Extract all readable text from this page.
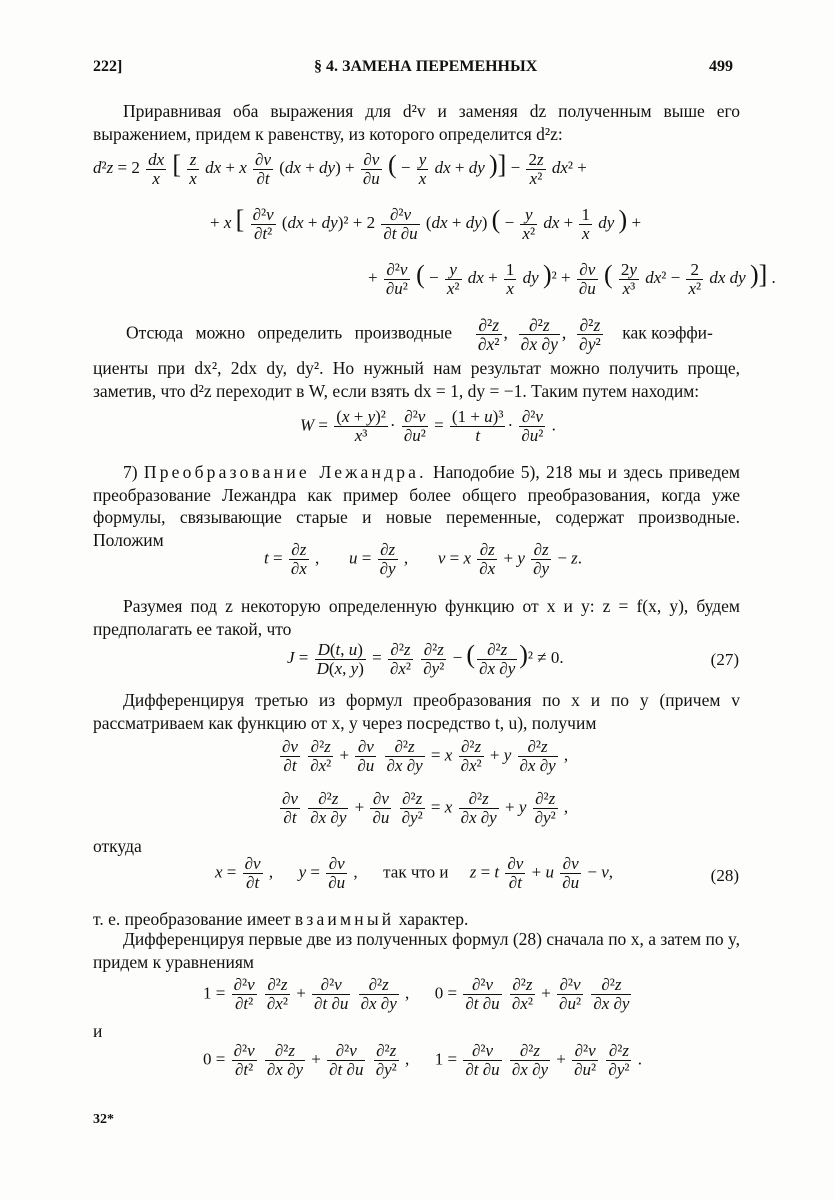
222]	§ 4. ЗАМЕНА ПЕРЕМЕННЫХ	499
Приравнивая оба выражения для d²v и заменяя dz полученным выше его выражением, придем к равенству, из которого определится d²z:
$d^2z = 2 \frac{dx}{x}$ [ $\frac{z}{x}$ dx + x $\frac{\partial v}{\partial t} (dx + dy) + \frac{\partial v}{\partial u}$ ( − $\frac{y}{x}$ dx + dy )] − $\frac{2z}{\text{x²}} dx^2$ +
+ x [ $\frac{\text{∂²v}}{\text{∂t²}} (dx + dy)^2 + 2 \frac{\text{∂²v}}{\partial t \partial u} (dx + dy)$ ( − $\frac{y}{\text{x²}}$ dx + $\frac{1}{x}$ dy ) +
+ $\frac{\text{∂²v}}{\text{∂u²}}$ ( − $\frac{y}{\text{x²}}$ dx + $\frac{1}{x}$ dy )$^2 + \frac{\partial v}{\partial u}$ ( $\frac{2y}{\text{x³}} dx^2 - \frac{2}{\text{x²}}$ dx dy )] .
Отсюда можно определить производные $\frac{\text{∂²z}}{\text{∂x²}}$ , $\frac{\text{∂²z}}{\partial x \partial y}$ , $\frac{\text{∂²z}}{\text{∂y²}}$ как коэффи-
циенты при dx², 2dx dy, dy². Но нужный нам результат можно получить проще, заметив, что d²z переходит в W, если взять dx = 1, dy = −1. Таким путем находим:
$W = \frac{\text{(x + y)²}}{\text{x³}} \cdot \frac{\text{∂²v}}{\text{∂u²}} = \frac{\text{(1 + u)³}}{t} \cdot \frac{\text{∂²v}}{\text{∂u²}}$ .
7) Преобразование Лежандра. Наподобие 5), 218 мы и здесь приведем преобразование Лежандра как пример более общего преобразования, когда уже формулы, связывающие старые и новые переменные, содержат производные. Положим
$t = \frac{\partial z}{\partial x}$ ,       $u = \frac{\partial z}{\partial y}$ ,       v = x $\frac{\partial z}{\partial x} + y \frac{\partial z}{\partial y} - z$.
Разумея под z некоторую определенную функцию от x и y: z = f(x, y), будем предполагать ее такой, что
$J = \frac{D(t, u)}{D(x, y)} = \frac{\text{∂²z}}{\text{∂x²}}$
$\frac{\text{∂²z}}{\text{∂y²}}$ − ( $\frac{\text{∂²z}}{\partial x \partial y} )^2 \ne 0$.	(27)
Дифференцируя третью из формул преобразования по x и по y (причем v рассматриваем как функцию от x, y через посредство t, u), получим
$\frac{\partial v}{\partial t}$
$\frac{\text{∂²z}}{\text{∂x²}} + \frac{\partial v}{\partial u}$
$\frac{\text{∂²z}}{\partial x \partial y} = x \frac{\text{∂²z}}{\text{∂x²}} + y \frac{\text{∂²z}}{\partial x \partial y}$ ,
$\frac{\partial v}{\partial t}$
$\frac{\text{∂²z}}{\partial x \partial y} + \frac{\partial v}{\partial u}$
$\frac{\text{∂²z}}{\text{∂y²}} = x \frac{\text{∂²z}}{\partial x \partial y} + y \frac{\text{∂²z}}{\text{∂y²}}$ ,
откуда
$x = \frac{\partial v}{\partial t}$ ,      $y = \frac{\partial v}{\partial u}$ ,      так что и z = t $\frac{\partial v}{\partial t} + u \frac{\partial v}{\partial u} - v$,	(28)
т. е. преобразование имеет взаимный характер.
Дифференцируя первые две из полученных формул (28) сначала по x, а затем по y, придем к уравнениям
$1 = \frac{\text{∂²v}}{\text{∂t²}}$
$\frac{\text{∂²z}}{\text{∂x²}} + \frac{\text{∂²v}}{\partial t \partial u}$
$\frac{\text{∂²z}}{\partial x \partial y}$ ,      $0 = \frac{\text{∂²v}}{\partial t \partial u}$
$\frac{\text{∂²z}}{\text{∂x²}} + \frac{\text{∂²v}}{\text{∂u²}}$
$\frac{\text{∂²z}}{\partial x \partial y}$
и
$0 = \frac{\text{∂²v}}{\text{∂t²}}$
$\frac{\text{∂²z}}{\partial x \partial y} + \frac{\text{∂²v}}{\partial t \partial u}$
$\frac{\text{∂²z}}{\text{∂y²}}$ ,      $1 = \frac{\text{∂²v}}{\partial t \partial u}$
$\frac{\text{∂²z}}{\partial x \partial y} + \frac{\text{∂²v}}{\text{∂u²}}$
$\frac{\text{∂²z}}{\text{∂y²}}$ .
32*
